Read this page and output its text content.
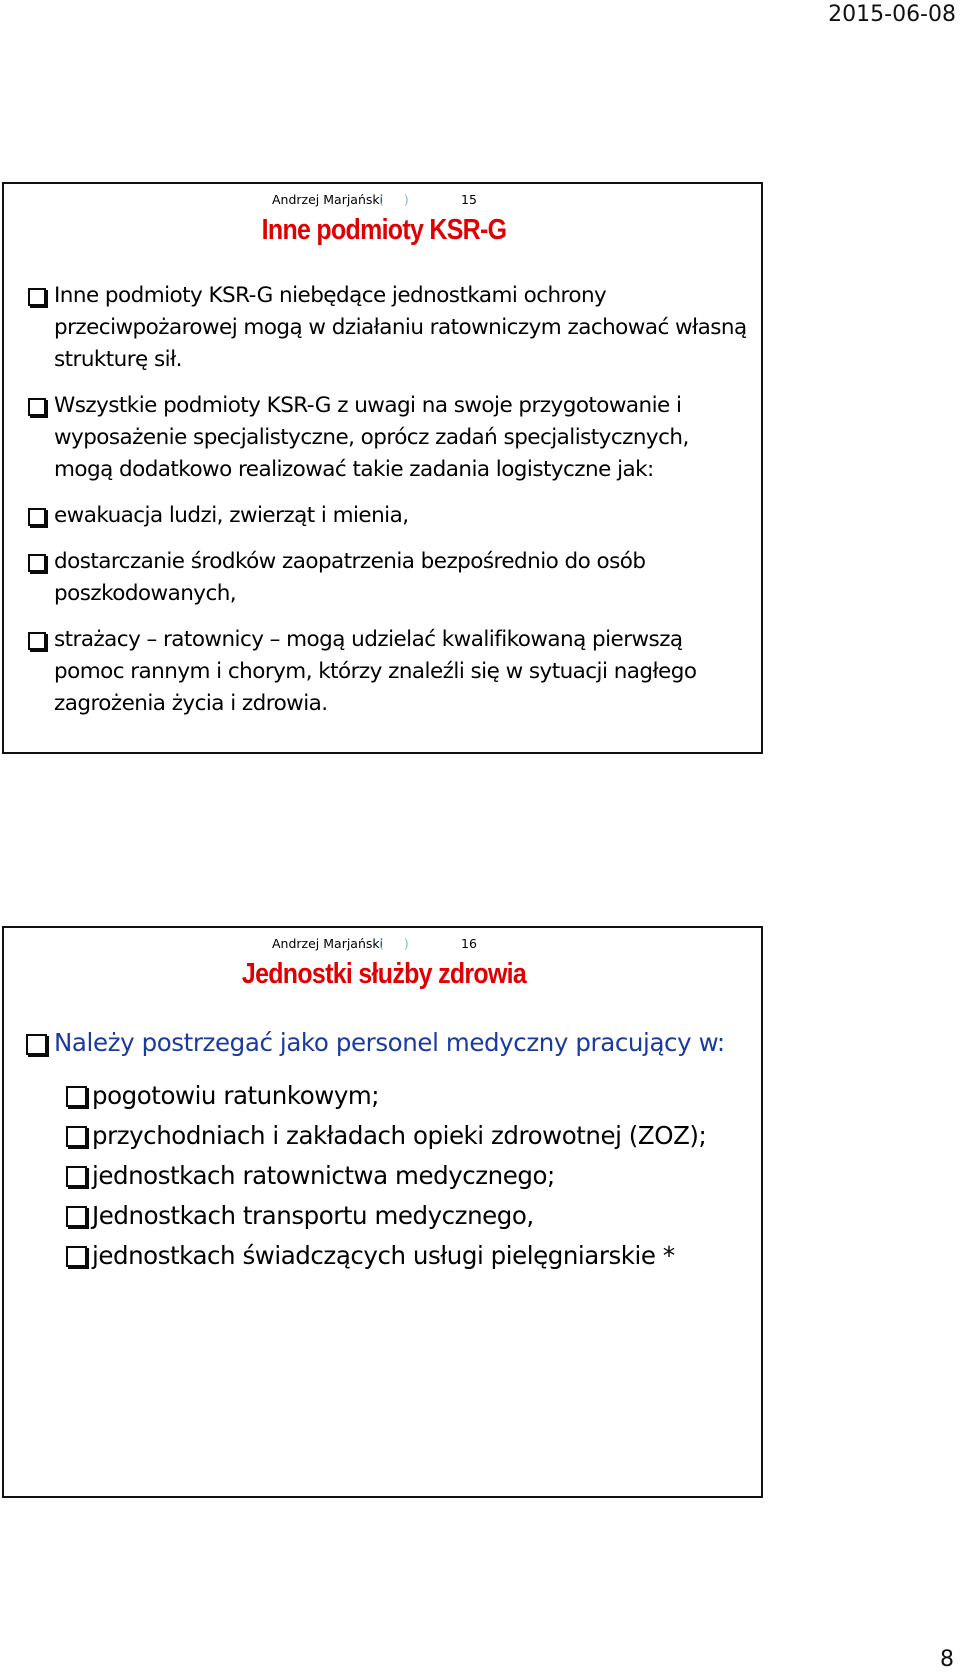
2015-06-08
Andrzej Marjański
( )	15
Inne podmioty KSR-G
Inne podmioty KSR-G niebędące jednostkami ochrony przeciwpożarowej mogą w działaniu ratowniczym zachować własną strukturę sił.
Wszystkie podmioty KSR-G z uwagi na swoje przygotowanie i wyposażenie specjalistyczne, oprócz zadań specjalistycznych, mogą dodatkowo realizować takie zadania logistyczne jak:
ewakuacja ludzi, zwierząt i mienia,
dostarczanie środków zaopatrzenia bezpośrednio do osób poszkodowanych,
strażacy – ratownicy – mogą udzielać kwalifikowaną pierwszą pomoc rannym i chorym, którzy znaleźli się w sytuacji nagłego zagrożenia życia i zdrowia.
Andrzej Marjański
( )	16
Jednostki służby zdrowia
Należy postrzegać jako personel medyczny pracujący w:
pogotowiu ratunkowym;
przychodniach i zakładach opieki zdrowotnej (ZOZ);
jednostkach ratownictwa medycznego;
Jednostkach transportu medycznego,
jednostkach świadczących usługi pielęgniarskie *
8
